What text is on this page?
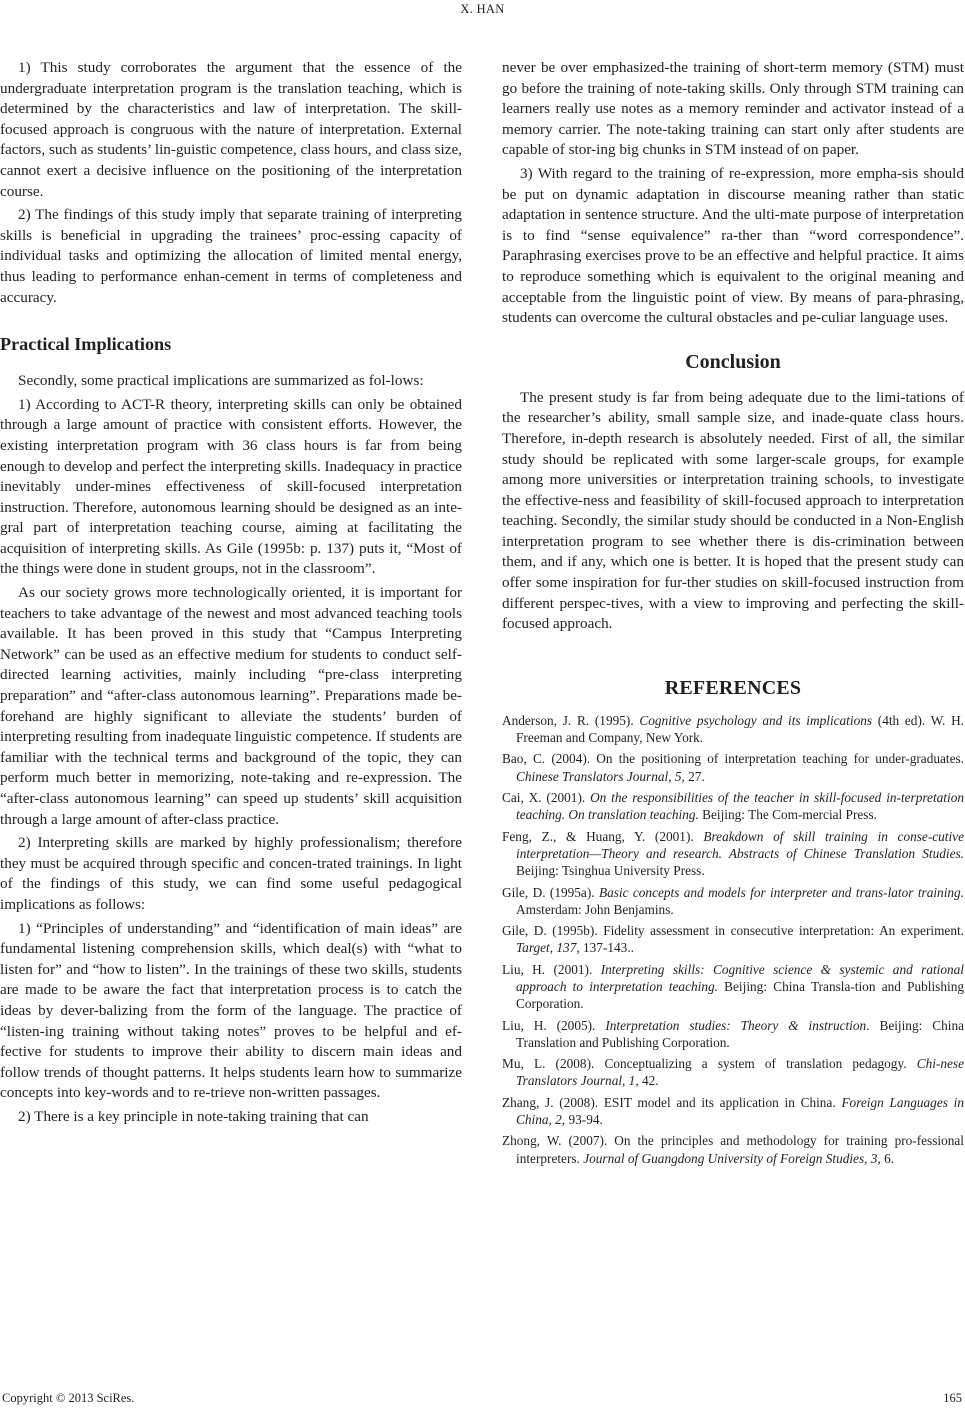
X. HAN

1) This study corroborates the argument that the essence of the undergraduate interpretation program is the translation teaching, which is determined by the characteristics and law of interpretation. The skill-focused approach is congruous with the nature of interpretation. External factors, such as students’ lin-guistic competence, class hours, and class size, cannot exert a decisive influence on the positioning of the interpretation course.

2) The findings of this study imply that separate training of interpreting skills is beneficial in upgrading the trainees’ proc-essing capacity of individual tasks and optimizing the allocation of limited mental energy, thus leading to performance enhan-cement in terms of completeness and accuracy.

Practical Implications

Secondly, some practical implications are summarized as fol-lows:

1) According to ACT-R theory, interpreting skills can only be obtained through a large amount of practice with consistent efforts. However, the existing interpretation program with 36 class hours is far from being enough to develop and perfect the interpreting skills. Inadequacy in practice inevitably under-mines effectiveness of skill-focused interpretation instruction. Therefore, autonomous learning should be designed as an inte-gral part of interpretation teaching course, aiming at facilitating the acquisition of interpreting skills. As Gile (1995b: p. 137) puts it, “Most of the things were done in student groups, not in the classroom”.

As our society grows more technologically oriented, it is important for teachers to take advantage of the newest and most advanced teaching tools available. It has been proved in this study that “Campus Interpreting Network” can be used as an effective medium for students to conduct self-directed learning activities, mainly including “pre-class interpreting preparation” and “after-class autonomous learning”. Preparations made be-forehand are highly significant to alleviate the students’ burden of interpreting resulting from inadequate linguistic competence. If students are familiar with the technical terms and background of the topic, they can perform much better in memorizing, note-taking and re-expression. The “after-class autonomous learning” can speed up students’ skill acquisition through a large amount of after-class practice.

2) Interpreting skills are marked by highly professionalism; therefore they must be acquired through specific and concen-trated trainings. In light of the findings of this study, we can find some useful pedagogical implications as follows:

1) “Principles of understanding” and “identification of main ideas” are fundamental listening comprehension skills, which deal(s) with “what to listen for” and “how to listen”. In the trainings of these two skills, students are made to be aware the fact that interpretation process is to catch the ideas by dever-balizing from the form of the language. The practice of “listen-ing training without taking notes” proves to be helpful and ef-fective for students to improve their ability to discern main ideas and follow trends of thought patterns. It helps students learn how to summarize concepts into key-words and to re-trieve non-written passages.

2) There is a key principle in note-taking training that can

never be over emphasized-the training of short-term memory (STM) must go before the training of note-taking skills. Only through STM training can learners really use notes as a memory reminder and activator instead of a memory carrier. The note-taking training can start only after students are capable of stor-ing big chunks in STM instead of on paper.

3) With regard to the training of re-expression, more empha-sis should be put on dynamic adaptation in discourse meaning rather than static adaptation in sentence structure. And the ulti-mate purpose of interpretation is to find “sense equivalence” ra-ther than “word correspondence”. Paraphrasing exercises prove to be an effective and helpful practice. It aims to reproduce something which is equivalent to the original meaning and acceptable from the linguistic point of view. By means of para-phrasing, students can overcome the cultural obstacles and pe-culiar language uses.

Conclusion

The present study is far from being adequate due to the limi-tations of the researcher’s ability, small sample size, and inade-quate class hours. Therefore, in-depth research is absolutely needed. First of all, the similar study should be replicated with some larger-scale groups, for example among more universities or interpretation training schools, to investigate the effective-ness and feasibility of skill-focused approach to interpretation teaching. Secondly, the similar study should be conducted in a Non-English interpretation program to see whether there is dis-crimination between them, and if any, which one is better. It is hoped that the present study can offer some inspiration for fur-ther studies on skill-focused instruction from different perspec-tives, with a view to improving and perfecting the skill-focused approach.

REFERENCES
Anderson, J. R. (1995). Cognitive psychology and its implications (4th ed). W. H. Freeman and Company, New York.
Bao, C. (2004). On the positioning of interpretation teaching for under-graduates. Chinese Translators Journal, 5, 27.
Cai, X. (2001). On the responsibilities of the teacher in skill-focused in-terpretation teaching. On translation teaching. Beijing: The Com-mercial Press.
Feng, Z., & Huang, Y. (2001). Breakdown of skill training in conse-cutive interpretation—Theory and research. Abstracts of Chinese Translation Studies. Beijing: Tsinghua University Press.
Gile, D. (1995a). Basic concepts and models for interpreter and trans-lator training. Amsterdam: John Benjamins.
Gile, D. (1995b). Fidelity assessment in consecutive interpretation: An experiment. Target, 137, 137-143..
Liu, H. (2001). Interpreting skills: Cognitive science & systemic and rational approach to interpretation teaching. Beijing: China Transla-tion and Publishing Corporation.
Liu, H. (2005). Interpretation studies: Theory & instruction. Beijing: China Translation and Publishing Corporation.
Mu, L. (2008). Conceptualizing a system of translation pedagogy. Chi-nese Translators Journal, 1, 42.
Zhang, J. (2008). ESIT model and its application in China. Foreign Languages in China, 2, 93-94.
Zhong, W. (2007). On the principles and methodology for training pro-fessional interpreters. Journal of Guangdong University of Foreign Studies, 3, 6.
Copyright © 2013 SciRes.	165
